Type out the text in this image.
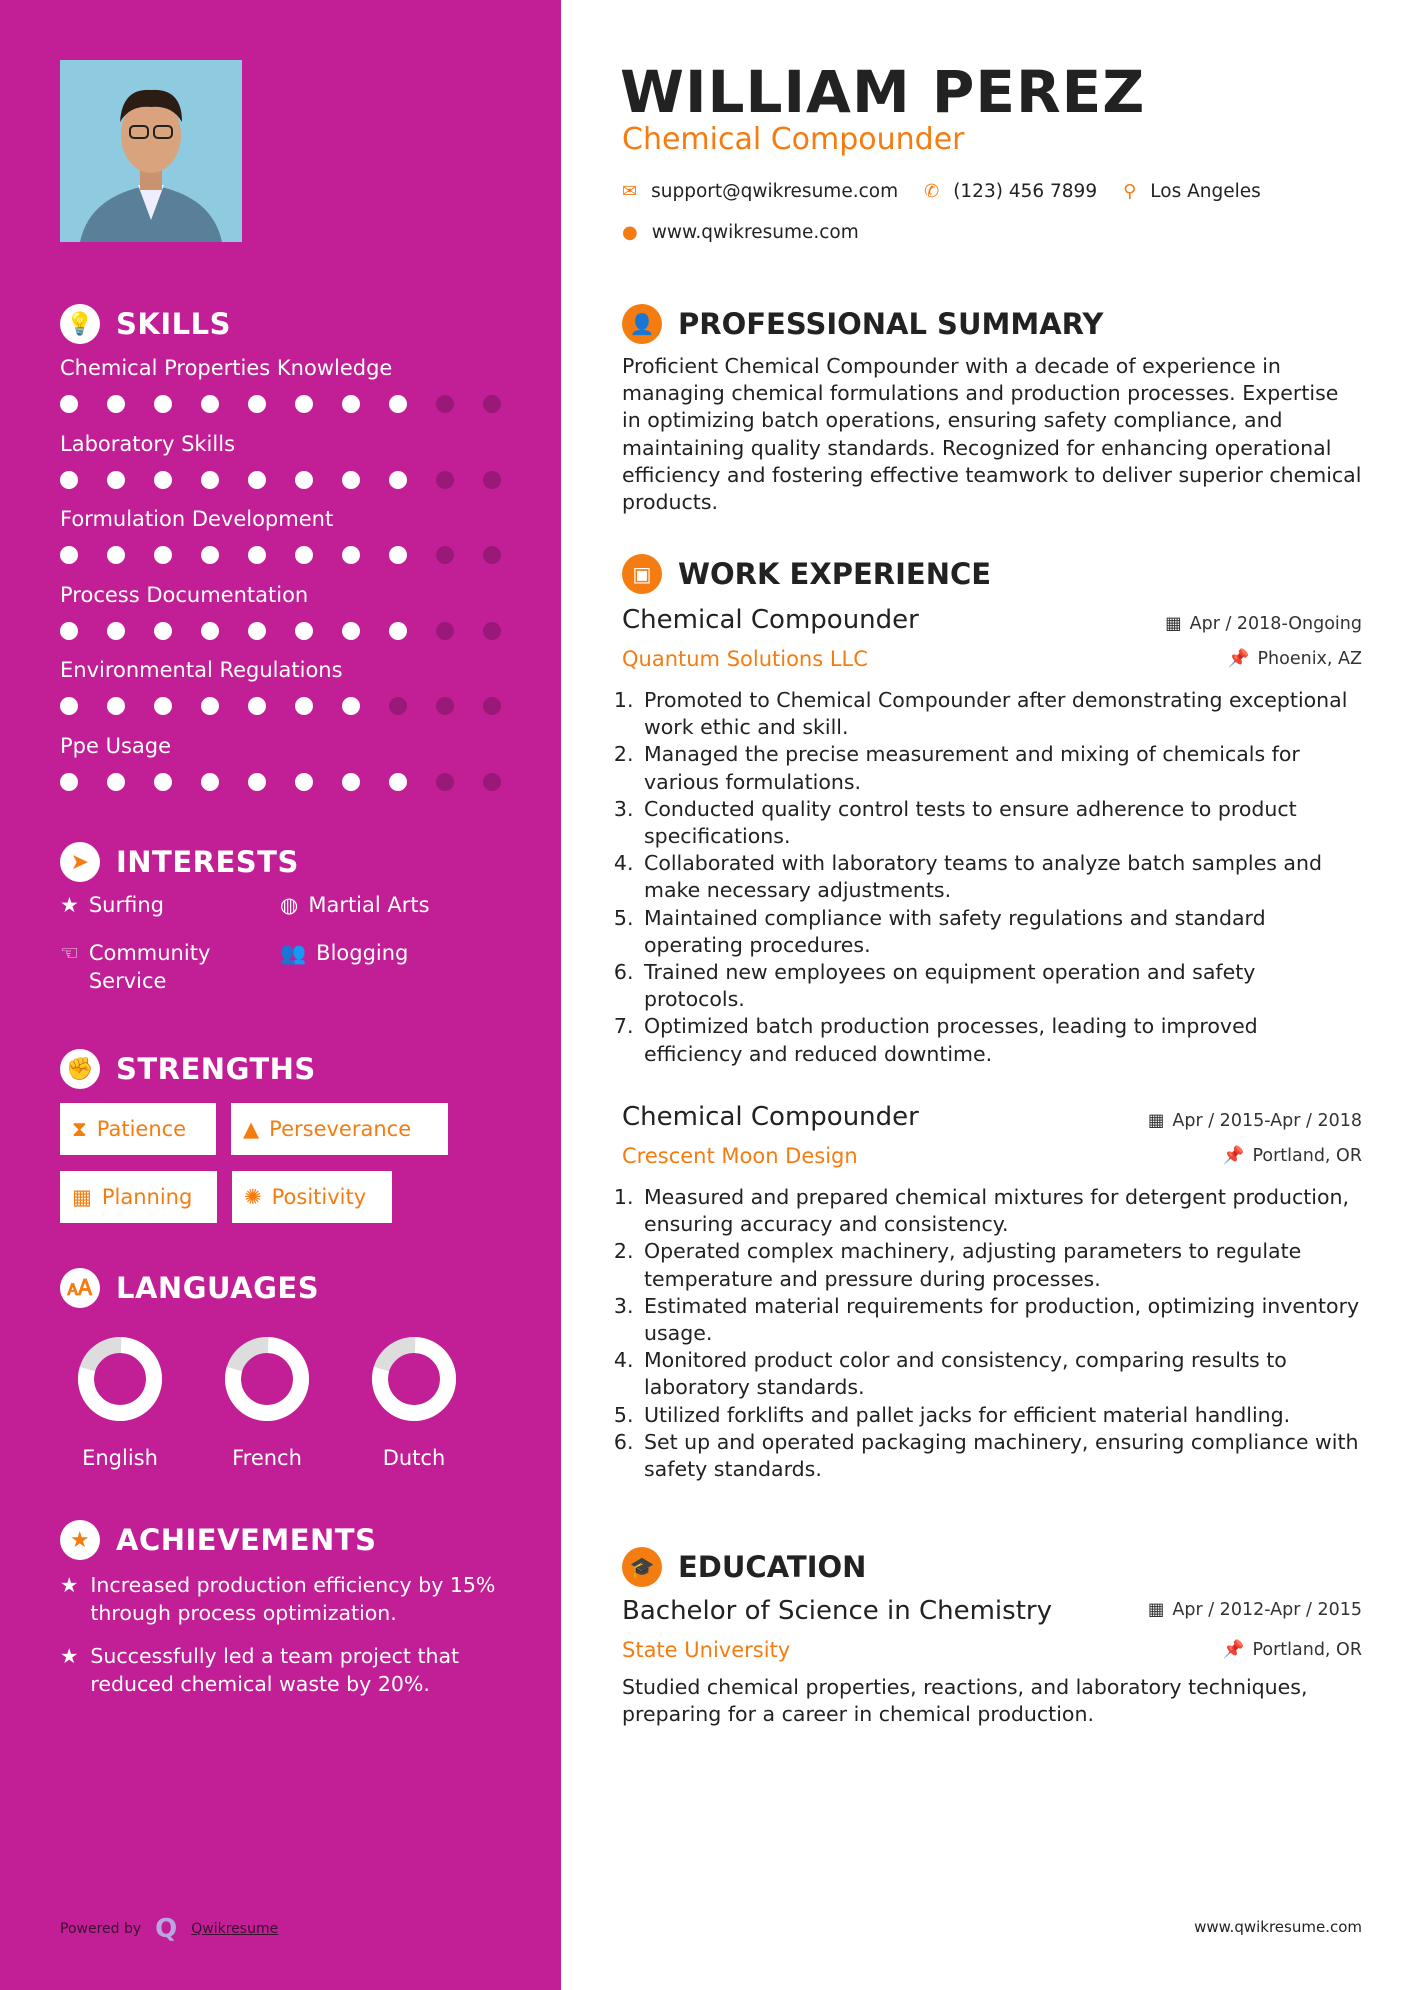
💡 SKILLS
Chemical Properties Knowledge
Laboratory Skills
Formulation Development
Process Documentation
Environmental Regulations
Ppe Usage
➤ INTERESTS
★ Surfing	◍ Martial Arts
☜ Community Service
👥 Blogging
✊ STRENGTHS
⧗ Patience	▲ Perseverance
▦ Planning ✺ Positivity
🗚 LANGUAGES
English	French	Dutch
★ ACHIEVEMENTS
★ Increased production efficiency by 15% through process optimization.
★ Successfully led a team project that reduced chemical waste by 20%.
Powered by Q Qwikresume
WILLIAM PEREZ
Chemical Compounder
✉ support@qwikresume.com ✆ (123) 456 7899 ⚲ Los Angeles
● www.qwikresume.com
👤 PROFESSIONAL SUMMARY
Proficient Chemical Compounder with a decade of experience in managing chemical formulations and production processes. Expertise in optimizing batch operations, ensuring safety compliance, and maintaining quality standards. Recognized for enhancing operational efficiency and fostering effective teamwork to deliver superior chemical products.
▣ WORK EXPERIENCE
Chemical Compounder
Quantum Solutions LLC
▦ Apr / 2018-Ongoing
📌 Phoenix, AZ
1. Promoted to Chemical Compounder after demonstrating exceptional work ethic and skill.
2. Managed the precise measurement and mixing of chemicals for various formulations.
3. Conducted quality control tests to ensure adherence to product specifications.
4. Collaborated with laboratory teams to analyze batch samples and make necessary adjustments.
5. Maintained compliance with safety regulations and standard operating procedures.
6. Trained new employees on equipment operation and safety protocols.
7. Optimized batch production processes, leading to improved efficiency and reduced downtime.
Chemical Compounder
Crescent Moon Design
▦ Apr / 2015-Apr / 2018
📌 Portland, OR
1. Measured and prepared chemical mixtures for detergent production, ensuring accuracy and consistency.
2. Operated complex machinery, adjusting parameters to regulate temperature and pressure during processes.
3. Estimated material requirements for production, optimizing inventory usage.
4. Monitored product color and consistency, comparing results to laboratory standards.
5. Utilized forklifts and pallet jacks for efficient material handling.
6. Set up and operated packaging machinery, ensuring compliance with safety standards.
🎓 EDUCATION
Bachelor of Science in Chemistry
State University
▦ Apr / 2012-Apr / 2015
📌 Portland, OR
Studied chemical properties, reactions, and laboratory techniques, preparing for a career in chemical production.
www.qwikresume.com
